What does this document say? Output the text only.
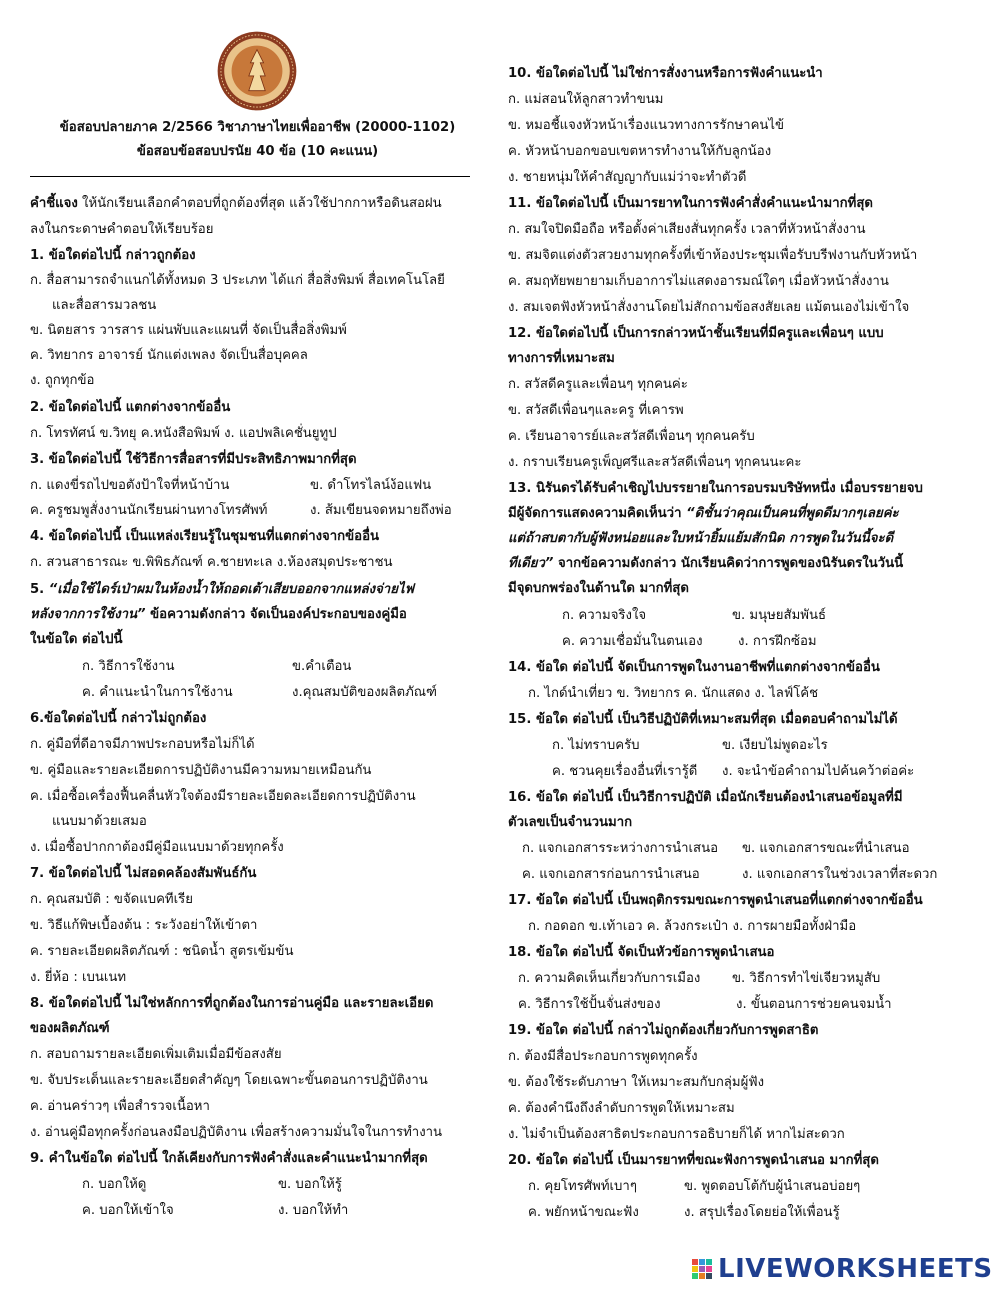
ข้อสอบปลายภาค 2/2566 วิชาภาษาไทยเพื่ออาชีพ (20000-1102)
ข้อสอบข้อสอบปรนัย 40 ข้อ (10 คะแนน)
คำชี้แจง ให้นักเรียนเลือกคำตอบที่ถูกต้องที่สุด แล้วใช้ปากกาหรือดินสอฝน
ลงในกระดาษคำตอบให้เรียบร้อย
1. ข้อใดต่อไปนี้ กล่าวถูกต้อง
ก. สื่อสามารถจำแนกได้ทั้งหมด 3 ประเภท ได้แก่ สื่อสิ่งพิมพ์ สื่อเทคโนโลยี
และสื่อสารมวลชน
ข. นิตยสาร วารสาร แผ่นพับและแผนที่ จัดเป็นสื่อสิ่งพิมพ์
ค. วิทยากร อาจารย์ นักแต่งเพลง จัดเป็นสื่อบุคคล
ง. ถูกทุกข้อ
2. ข้อใดต่อไปนี้ แตกต่างจากข้ออื่น
ก. โทรทัศน์ ข.วิทยุ ค.หนังสือพิมพ์ ง. แอปพลิเคชั่นยูทูป
3. ข้อใดต่อไปนี้ ใช้วิธีการสื่อสารที่มีประสิทธิภาพมากที่สุด
ก. แดงขี่รถไปขอตังป้าใจที่หน้าบ้าน	ข. ดำโทรไลน์ง้อแฟน
ค. ครูชมพูสั่งงานนักเรียนผ่านทางโทรศัพท์	ง. ส้มเขียนจดหมายถึงพ่อ
4. ข้อใดต่อไปนี้ เป็นแหล่งเรียนรู้ในชุมชนที่แตกต่างจากข้ออื่น
ก. สวนสาธารณะ ข.พิพิธภัณฑ์ ค.ชายทะเล ง.ห้องสมุดประชาชน
5. “เมื่อใช้ไดร์เป่าผมในห้องน้ำให้ถอดเต้าเสียบออกจากแหล่งจ่ายไฟ
หลังจากการใช้งาน” ข้อความดังกล่าว จัดเป็นองค์ประกอบของคู่มือ
ในข้อใด ต่อไปนี้
ก. วิธีการใช้งาน	ข.คำเตือน
ค. คำแนะนำในการใช้งาน	ง.คุณสมบัติของผลิตภัณฑ์
6.ข้อใดต่อไปนี้ กล่าวไม่ถูกต้อง
ก. คู่มือที่ดีอาจมีภาพประกอบหรือไม่ก็ได้
ข. คู่มือและรายละเอียดการปฏิบัติงานมีความหมายเหมือนกัน
ค. เมื่อซื้อเครื่องฟื้นคลื่นหัวใจต้องมีรายละเอียดละเอียดการปฏิบัติงาน
แนบมาด้วยเสมอ
ง. เมื่อซื้อปากกาต้องมีคู่มือแนบมาด้วยทุกครั้ง
7. ข้อใดต่อไปนี้ ไม่สอดคล้องสัมพันธ์กัน
ก. คุณสมบัติ : ขจัดแบคทีเรีย
ข. วิธีแก้พิษเบื้องต้น : ระวังอย่าให้เข้าตา
ค. รายละเอียดผลิตภัณฑ์ : ชนิดน้ำ สูตรเข้มข้น
ง. ยี่ห้อ : เบนเนท
8. ข้อใดต่อไปนี้ ไม่ใช่หลักการที่ถูกต้องในการอ่านคู่มือ และรายละเอียด
ของผลิตภัณฑ์
ก. สอบถามรายละเอียดเพิ่มเติมเมื่อมีข้อสงสัย
ข. จับประเด็นและรายละเอียดสำคัญๆ โดยเฉพาะขั้นตอนการปฏิบัติงาน
ค. อ่านคร่าวๆ เพื่อสำรวจเนื้อหา
ง. อ่านคู่มือทุกครั้งก่อนลงมือปฏิบัติงาน เพื่อสร้างความมั่นใจในการทำงาน
9. คำในข้อใด ต่อไปนี้ ใกล้เคียงกับการฟังคำสั่งและคำแนะนำมากที่สุด
ก. บอกให้ดู	ข. บอกให้รู้
ค. บอกให้เข้าใจ	ง. บอกให้ทำ
10. ข้อใดต่อไปนี้ ไม่ใช่การสั่งงานหรือการฟังคำแนะนำ
ก. แม่สอนให้ลูกสาวทำขนม
ข. หมอชี้แจงหัวหน้าเรื่องแนวทางการรักษาคนไข้
ค. หัวหน้าบอกขอบเขตหารทำงานให้กับลูกน้อง
ง. ชายหนุ่มให้คำสัญญากับแม่ว่าจะทำตัวดี
11. ข้อใดต่อไปนี้ เป็นมารยาทในการฟังคำสั่งคำแนะนำมากที่สุด
ก. สมใจปิดมือถือ หรือตั้งค่าเสียงสั่นทุกครั้ง เวลาที่หัวหน้าสั่งงาน
ข. สมจิตแต่งตัวสวยงามทุกครั้งที่เข้าห้องประชุมเพื่อรับบรีฟงานกับหัวหน้า
ค. สมฤทัยพยายามเก็บอาการไม่แสดงอารมณ์ใดๆ เมื่อหัวหน้าสั่งงาน
ง. สมเจตฟังหัวหน้าสั่งงานโดยไม่สักถามข้อสงสัยเลย แม้ตนเองไม่เข้าใจ
12. ข้อใดต่อไปนี้ เป็นการกล่าวหน้าชั้นเรียนที่มีครูและเพื่อนๆ แบบ
ทางการที่เหมาะสม
ก. สวัสดีครูและเพื่อนๆ ทุกคนค่ะ
ข. สวัสดีเพื่อนๆและครู ที่เคารพ
ค. เรียนอาจารย์และสวัสดีเพื่อนๆ ทุกคนครับ
ง. กราบเรียนครูเพ็ญศรีและสวัสดีเพื่อนๆ ทุกคนนะคะ
13. นิรันดรได้รับคำเชิญไปบรรยายในการอบรมบริษัทหนึ่ง เมื่อบรรยายจบ
มีผู้จัดการแสดงความคิดเห็นว่า “ดิชั้นว่าคุณเป็นคนที่พูดดีมากๆเลยค่ะ
แต่ถ้าสบตากับผู้ฟังหน่อยและใบหน้ายิ้มแย้มสักนิด การพูดในวันนี้จะดี
ทีเดียว” จากข้อความดังกล่าว นักเรียนคิดว่าการพูดของนิรันดรในวันนี้
มีจุดบกพร่องในด้านใด มากที่สุด
ก. ความจริงใจ	ข. มนุษยสัมพันธ์
ค. ความเชื่อมั่นในตนเอง	ง. การฝึกซ้อม
14. ข้อใด ต่อไปนี้ จัดเป็นการพูดในงานอาชีพที่แตกต่างจากข้ออื่น
ก. ไกด์นำเที่ยว ข. วิทยากร ค. นักแสดง ง. ไลฟ์โค้ช
15. ข้อใด ต่อไปนี้ เป็นวิธีปฏิบัติที่เหมาะสมที่สุด เมื่อตอบคำถามไม่ได้
ก. ไม่ทราบครับ	ข. เงียบไม่พูดอะไร
ค. ชวนคุยเรื่องอื่นที่เรารู้ดี ง. จะนำข้อคำถามไปค้นคว้าต่อค่ะ
16. ข้อใด ต่อไปนี้ เป็นวิธีการปฏิบัติ เมื่อนักเรียนต้องนำเสนอข้อมูลที่มี
ตัวเลขเป็นจำนวนมาก
ก. แจกเอกสารระหว่างการนำเสนอ ข. แจกเอกสารขณะที่นำเสนอ
ค. แจกเอกสารก่อนการนำเสนอ	ง. แจกเอกสารในช่วงเวลาที่สะดวก
17. ข้อใด ต่อไปนี้ เป็นพฤติกรรมขณะการพูดนำเสนอที่แตกต่างจากข้ออื่น
ก. กอดอก ข.เท้าเอว ค. ล้วงกระเป๋า ง. การผายมือทั้งฝ่ามือ
18. ข้อใด ต่อไปนี้ จัดเป็นหัวข้อการพูดนำเสนอ
ก. ความคิดเห็นเกี่ยวกับการเมือง ข. วิธีการทำไข่เจียวหมูสับ
ค. วิธีการใช้ปั้นจั่นส่งของ	ง. ขั้นตอนการช่วยคนจมน้ำ
19. ข้อใด ต่อไปนี้ กล่าวไม่ถูกต้องเกี่ยวกับการพูดสาธิต
ก. ต้องมีสื่อประกอบการพูดทุกครั้ง
ข. ต้องใช้ระดับภาษา ให้เหมาะสมกับกลุ่มผู้ฟัง
ค. ต้องคำนึงถึงลำดับการพูดให้เหมาะสม
ง. ไม่จำเป็นต้องสาธิตประกอบการอธิบายก็ได้ หากไม่สะดวก
20. ข้อใด ต่อไปนี้ เป็นมารยาทที่ขณะฟังการพูดนำเสนอ มากที่สุด
ก. คุยโทรศัพท์เบาๆ	ข. พูดตอบโต้กับผู้นำเสนอบ่อยๆ
ค. พยักหน้าขณะฟัง	ง. สรุปเรื่องโดยย่อให้เพื่อนรู้
LIVEWORKSHEETS
